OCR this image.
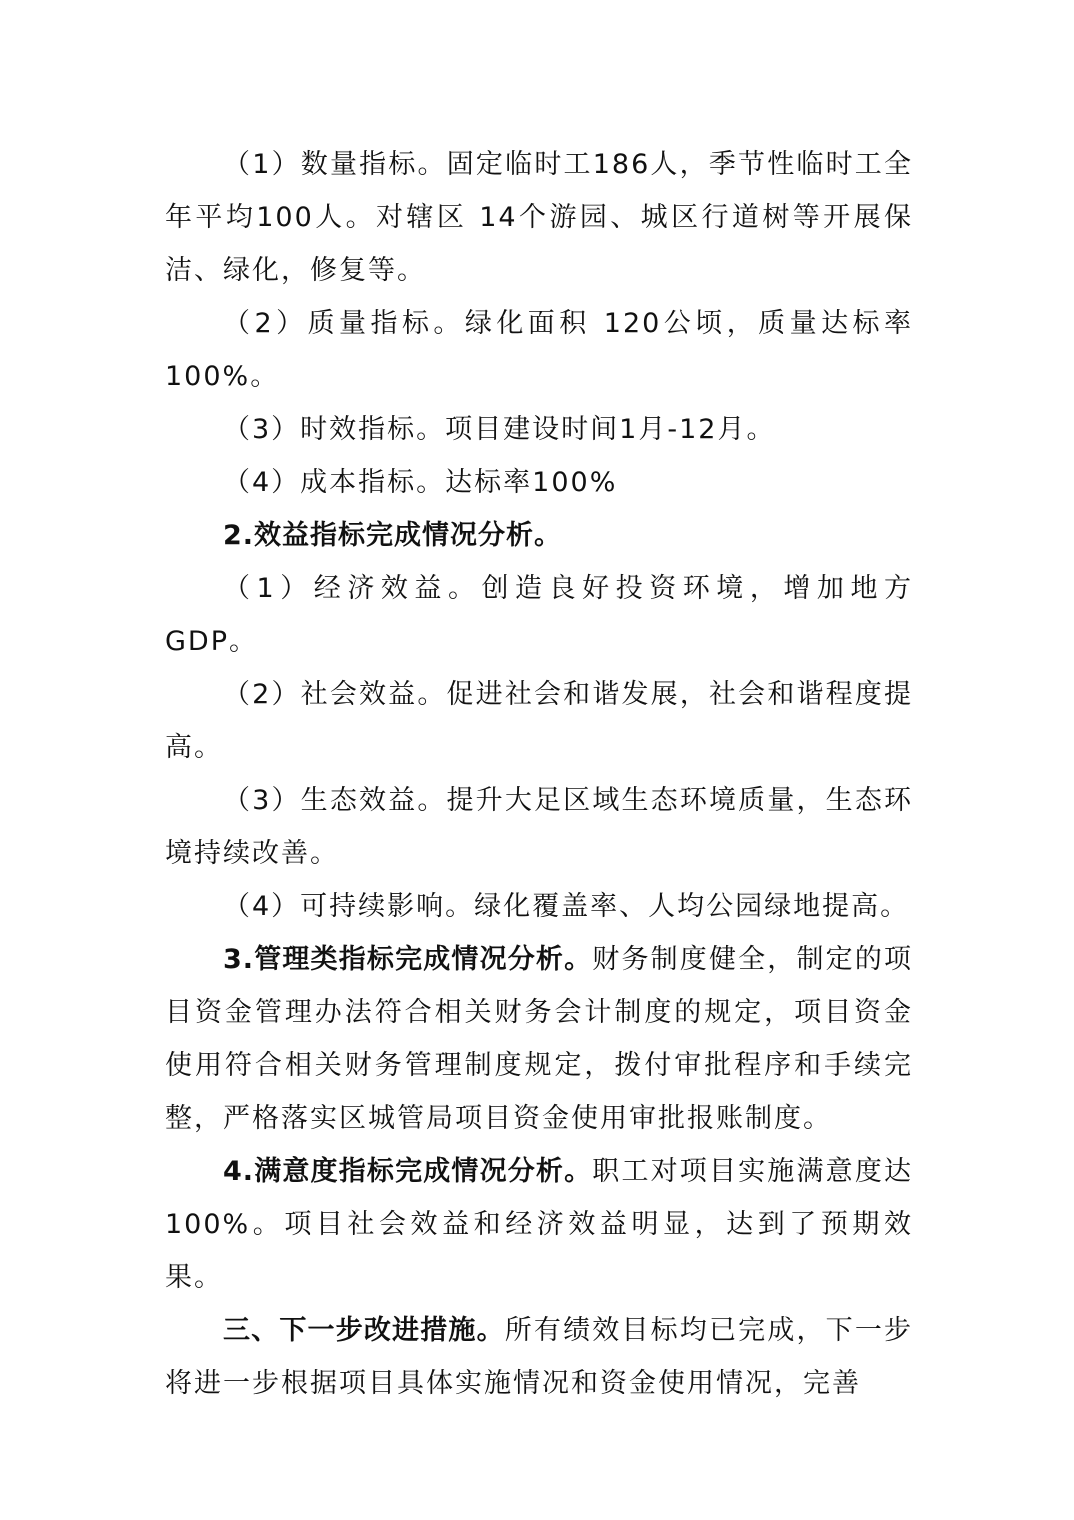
（1）数量指标。固定临时工186人，季节性临时工全年平均100人。对辖区 14个游园、城区行道树等开展保洁、绿化，修复等。

（2）质量指标。绿化面积 120公顷，质量达标率100%。

（3）时效指标。项目建设时间1月-12月。

（4）成本指标。达标率100%

2.效益指标完成情况分析。

（1）经济效益。创造良好投资环境，增加地方GDP。

（2）社会效益。促进社会和谐发展，社会和谐程度提高。

（3）生态效益。提升大足区域生态环境质量，生态环境持续改善。

（4）可持续影响。绿化覆盖率、人均公园绿地提高。

3.管理类指标完成情况分析。财务制度健全，制定的项目资金管理办法符合相关财务会计制度的规定，项目资金使用符合相关财务管理制度规定，拨付审批程序和手续完整，严格落实区城管局项目资金使用审批报账制度。

4.满意度指标完成情况分析。职工对项目实施满意度达100%。项目社会效益和经济效益明显，达到了预期效果。

三、下一步改进措施。所有绩效目标均已完成，下一步将进一步根据项目具体实施情况和资金使用情况，完善
